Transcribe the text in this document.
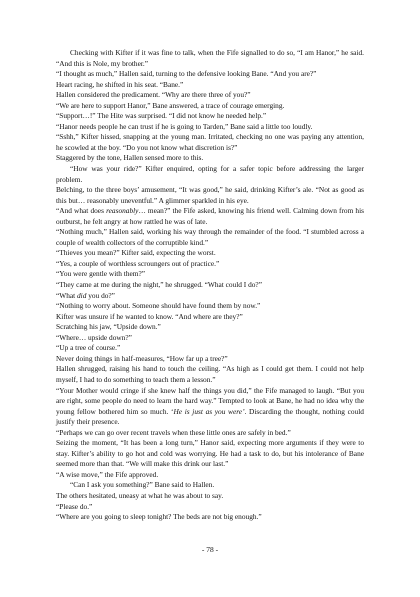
Checking with Kifter if it was fine to talk, when the Fife signalled to do so, “I am Hanor,” he said. “And this is Nole, my brother.”

“I thought as much,” Hallen said, turning to the defensive looking Bane. “And you are?”

Heart racing, he shifted in his seat. “Bane.”

Hallen considered the predicament. “Why are there three of you?”

“We are here to support Hanor,” Bane answered, a trace of courage emerging.

“Support…!” The Hite was surprised. “I did not know he needed help.”

“Hanor needs people he can trust if he is going to Tarden,” Bane said a little too loudly.

“Sshh,” Kifter hissed, snapping at the young man. Irritated, checking no one was paying any attention, he scowled at the boy. “Do you not know what discretion is?”

Staggered by the tone, Hallen sensed more to this.

“How was your ride?” Kifter enquired, opting for a safer topic before addressing the larger problem.

Belching, to the three boys’ amusement, “It was good,” he said, drinking Kifter’s ale. “Not as good as this but… reasonably uneventful.” A glimmer sparkled in his eye.

“And what does reasonably… mean?” the Fife asked, knowing his friend well. Calming down from his outburst, he felt angry at how rattled he was of late.

“Nothing much,” Hallen said, working his way through the remainder of the food. “I stumbled across a couple of wealth collectors of the corruptible kind.”

“Thieves you mean?” Kifter said, expecting the worst.

“Yes, a couple of worthless scroungers out of practice.”

“You were gentle with them?”

“They came at me during the night,” he shrugged. “What could I do?”

“What did you do?”

“Nothing to worry about. Someone should have found them by now.”

Kifter was unsure if he wanted to know. “And where are they?”

Scratching his jaw, “Upside down.”

“Where… upside down?”

“Up a tree of course.”

Never doing things in half-measures, “How far up a tree?”

Hallen shrugged, raising his hand to touch the ceiling. “As high as I could get them. I could not help myself, I had to do something to teach them a lesson.”

“Your Mother would cringe if she knew half the things you did,” the Fife managed to laugh. “But you are right, some people do need to learn the hard way.” Tempted to look at Bane, he had no idea why the young fellow bothered him so much. ‘He is just as you were’. Discarding the thought, nothing could justify their presence.

“Perhaps we can go over recent travels when these little ones are safely in bed.”

Seizing the moment, “It has been a long turn,” Hanor said, expecting more arguments if they were to stay. Kifter’s ability to go hot and cold was worrying. He had a task to do, but his intolerance of Bane seemed more than that. “We will make this drink our last.”

“A wise move,” the Fife approved.

“Can I ask you something?” Bane said to Hallen.

The others hesitated, uneasy at what he was about to say.

“Please do.”

“Where are you going to sleep tonight? The beds are not big enough.”

- 78 -
